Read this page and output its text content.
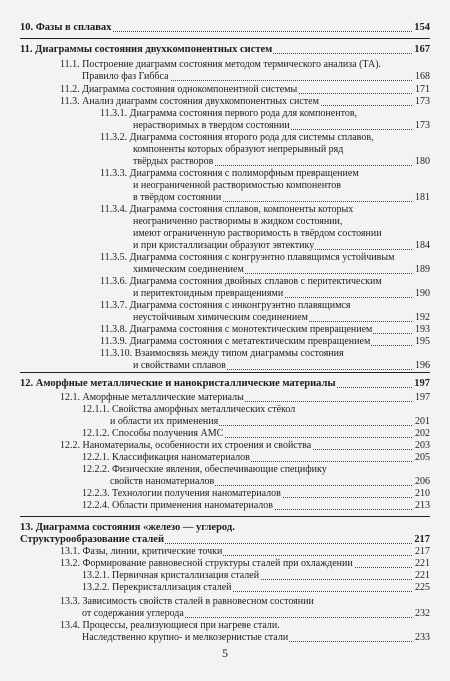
10. Фазы в сплавах	154
11. Диаграммы состояния двухкомпонентных систем	167
11.1. Построение диаграмм состояния методом термического анализа (ТА).
Правило фаз Гиббса	168
11.2. Диаграмма состояния однокомпонентной системы	171
11.3. Анализ диаграмм состояния двухкомпонентных систем	173
11.3.1. Диаграмма состояния первого рода для компонентов,
нерастворимых в твердом состоянии	173
11.3.2. Диаграмма состояния второго рода для системы сплавов,
компоненты которых образуют непрерывный ряд
твёрдых растворов	180
11.3.3. Диаграмма состояния с полиморфным превращением
и неограниченной растворимостью компонентов
в твёрдом состоянии	181
11.3.4. Диаграмма состояния сплавов, компоненты которых
неограниченно растворимы в жидком состоянии,
имеют ограниченную растворимость в твёрдом состоянии
и при кристаллизации образуют эвтектику	184
11.3.5. Диаграмма состояния с конгруэнтно плавящимся устойчивым
химическим соединением	189
11.3.6. Диаграмма состояния двойных сплавов с перитектическим
и перитектоидным превращениями	190
11.3.7. Диаграмма состояния с инконгруэнтно плавящимся
неустойчивым химическим соединением	192
11.3.8. Диаграмма состояния с монотектическим превращением	193
11.3.9. Диаграмма состояния с метатектическим превращением	195
11.3.10. Взаимосвязь между типом диаграммы состояния
и свойствами сплавов	196
12. Аморфные металлические и нанокристаллические материалы	197
12.1. Аморфные металлические материалы	197
12.1.1. Свойства аморфных металлических стёкол
и области их применения	201
12.1.2. Способы получения АМС	202
12.2. Наноматериалы, особенности их строения и свойства	203
12.2.1. Классификация наноматериалов	205
12.2.2. Физические явления, обеспечивающие специфику
свойств наноматериалов	206
12.2.3. Технологии получения наноматериалов	210
12.2.4. Области применения наноматериалов	213
13. Диаграмма состояния «железо — углерод.
Структурообразование сталей	217
13.1. Фазы, линии, критические точки	217
13.2. Формирование равновесной структуры сталей при охлаждении	221
13.2.1. Первичная кристаллизация сталей	221
13.2.2. Перекристаллизация сталей	225
13.3. Зависимость свойств сталей в равновесном состоянии
от содержания углерода	232
13.4. Процессы, реализующиеся при нагреве стали.
Наследственно крупно- и мелкозернистые стали	233
5
